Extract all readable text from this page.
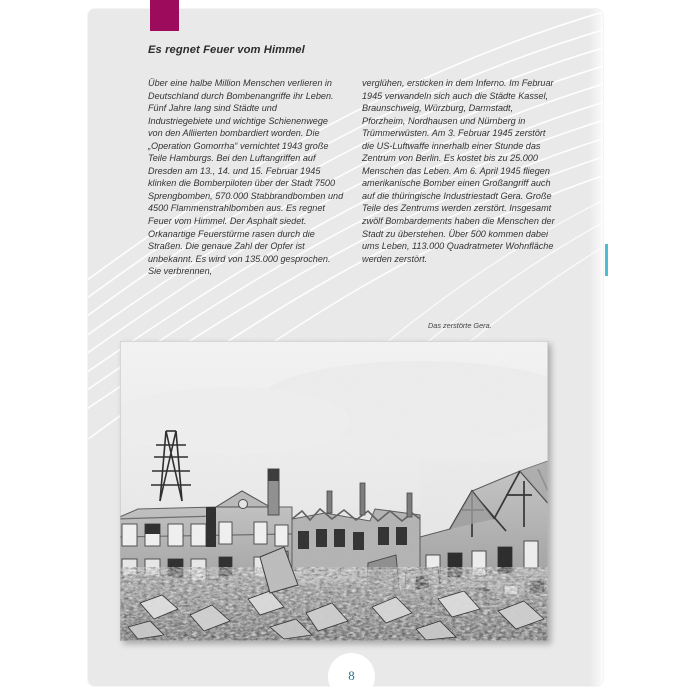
Es regnet Feuer vom Himmel
Über eine halbe Million Menschen verlieren in Deutschland durch Bombenangriffe ihr Leben. Fünf Jahre lang sind Städte und Industriegebiete und wichtige Schienenwege von den Alliierten bombardiert worden. Die „Operation Gomorrha“ vernichtet 1943 große Teile Hamburgs. Bei den Luftangriffen auf Dresden am 13., 14. und 15. Februar 1945 klinken die Bomberpiloten über der Stadt 7500 Sprengbomben, 570.000 Stabbrandbomben und 4500 Flammenstrahlbomben aus. Es regnet Feuer vom Himmel. Der Asphalt siedet. Orkanartige Feuerstürme rasen durch die Straßen. Die genaue Zahl der Opfer ist unbekannt. Es wird von 135.000 gesprochen. Sie verbrennen,
verglühen, ersticken in dem Inferno. Im Februar 1945 verwandeln sich auch die Städte Kassel, Braunschweig, Würzburg, Darmstadt, Pforzheim, Nordhausen und Nürnberg in Trümmerwüsten. Am 3. Februar 1945 zerstört die US-Luftwaffe innerhalb einer Stunde das Zentrum von Berlin. Es kostet bis zu 25.000 Menschen das Leben. Am 6. April 1945 fliegen amerikanische Bomber einen Großangriff auch auf die thüringische Industriestadt Gera. Große Teile des Zentrums werden zerstört. Insgesamt zwölf Bombardements haben die Menschen der Stadt zu überstehen. Über 500 kommen dabei ums Leben, 113.000 Quadratmeter Wohnfläche werden zerstört.
Das zerstörte Gera.
8
